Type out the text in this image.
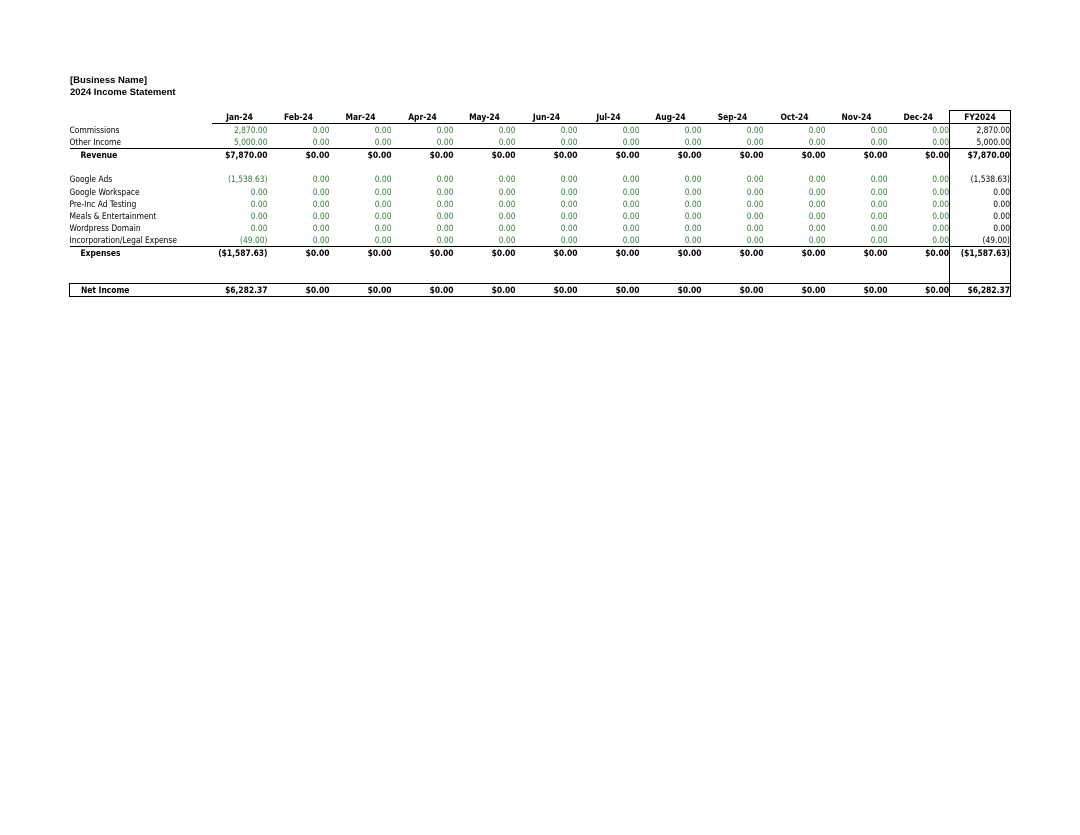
[Business Name]
2024 Income Statement
	Jan-24	Feb-24	Mar-24	Apr-24	May-24	Jun-24	Jul-24	Aug-24	Sep-24	Oct-24	Nov-24	Dec-24	FY2024
Commissions	2,870.00	0.00	0.00	0.00	0.00	0.00	0.00	0.00	0.00	0.00	0.00	0.00	2,870.00
Other Income	5,000.00	0.00	0.00	0.00	0.00	0.00	0.00	0.00	0.00	0.00	0.00	0.00	5,000.00
Revenue	$7,870.00	$0.00	$0.00	$0.00	$0.00	$0.00	$0.00	$0.00	$0.00	$0.00	$0.00	$0.00	$7,870.00

Google Ads	(1,538.63)	0.00	0.00	0.00	0.00	0.00	0.00	0.00	0.00	0.00	0.00	0.00	(1,538.63)
Google Workspace	0.00	0.00	0.00	0.00	0.00	0.00	0.00	0.00	0.00	0.00	0.00	0.00	0.00
Pre-Inc Ad Testing	0.00	0.00	0.00	0.00	0.00	0.00	0.00	0.00	0.00	0.00	0.00	0.00	0.00
Meals & Entertainment	0.00	0.00	0.00	0.00	0.00	0.00	0.00	0.00	0.00	0.00	0.00	0.00	0.00
Wordpress Domain	0.00	0.00	0.00	0.00	0.00	0.00	0.00	0.00	0.00	0.00	0.00	0.00	0.00
Incorporation/Legal Expense	(49.00)	0.00	0.00	0.00	0.00	0.00	0.00	0.00	0.00	0.00	0.00	0.00	(49.00)
Expenses	($1,587.63)	$0.00	$0.00	$0.00	$0.00	$0.00	$0.00	$0.00	$0.00	$0.00	$0.00	$0.00	($1,587.63)

Net Income	$6,282.37	$0.00	$0.00	$0.00	$0.00	$0.00	$0.00	$0.00	$0.00	$0.00	$0.00	$0.00	$6,282.37
